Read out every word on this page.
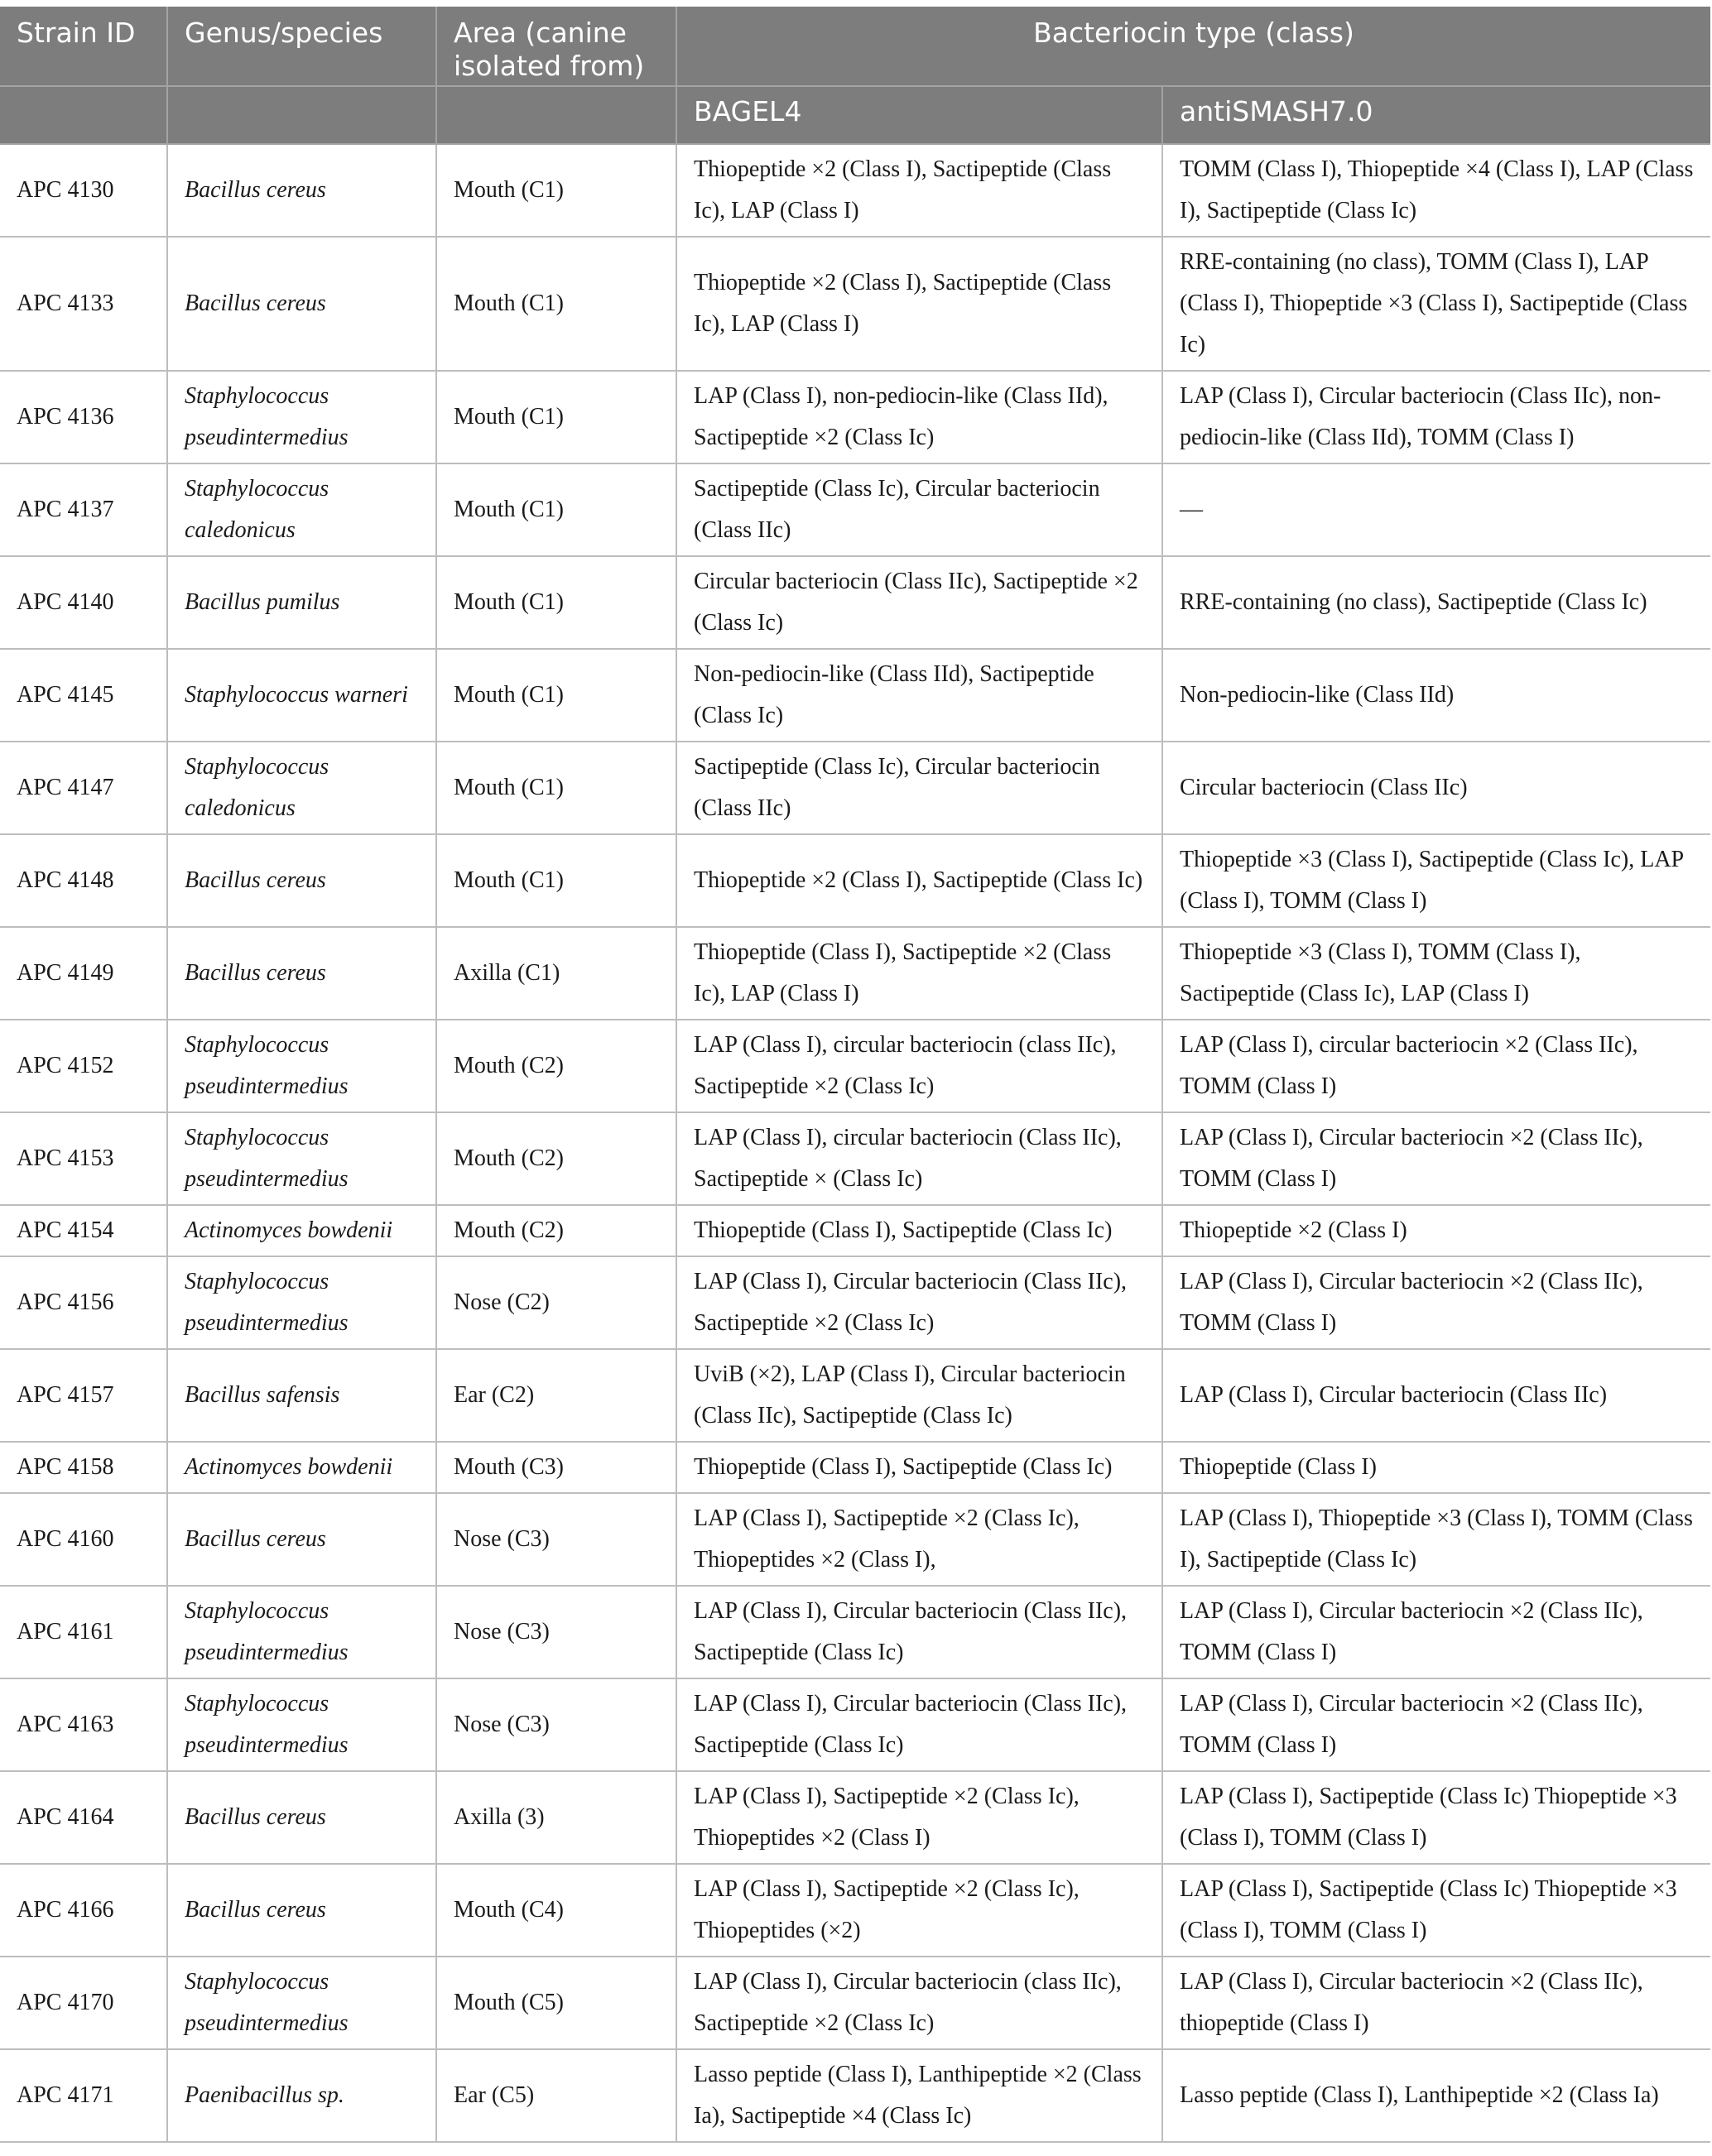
Strain ID	Genus/species	Area (canine isolated from)	Bacteriocin type (class)	
			BAGEL4	antiSMASH7.0
APC 4130	Bacillus cereus	Mouth (C1)	Thiopeptide ×2 (Class I), Sactipeptide (Class Ic), LAP (Class I)	TOMM (Class I), Thiopeptide ×4 (Class I), LAP (Class I), Sactipeptide (Class Ic)
APC 4133	Bacillus cereus	Mouth (C1)	Thiopeptide ×2 (Class I), Sactipeptide (Class Ic), LAP (Class I)	RRE-containing (no class), TOMM (Class I), LAP (Class I), Thiopeptide ×3 (Class I), Sactipeptide (Class Ic)
APC 4136	Staphylococcus pseudintermedius	Mouth (C1)	LAP (Class I), non-pediocin-like (Class IId), Sactipeptide ×2 (Class Ic)	LAP (Class I), Circular bacteriocin (Class IIc), non-pediocin-like (Class IId), TOMM (Class I)
APC 4137	Staphylococcus caledonicus	Mouth (C1)	Sactipeptide (Class Ic), Circular bacteriocin (Class IIc)	—
APC 4140	Bacillus pumilus	Mouth (C1)	Circular bacteriocin (Class IIc), Sactipeptide ×2 (Class Ic)	RRE-containing (no class), Sactipeptide (Class Ic)
APC 4145	Staphylococcus warneri	Mouth (C1)	Non-pediocin-like (Class IId), Sactipeptide (Class Ic)	Non-pediocin-like (Class IId)
APC 4147	Staphylococcus caledonicus	Mouth (C1)	Sactipeptide (Class Ic), Circular bacteriocin (Class IIc)	Circular bacteriocin (Class IIc)
APC 4148	Bacillus cereus	Mouth (C1)	Thiopeptide ×2 (Class I), Sactipeptide (Class Ic)	Thiopeptide ×3 (Class I), Sactipeptide (Class Ic), LAP (Class I), TOMM (Class I)
APC 4149	Bacillus cereus	Axilla (C1)	Thiopeptide (Class I), Sactipeptide ×2 (Class Ic), LAP (Class I)	Thiopeptide ×3 (Class I), TOMM (Class I), Sactipeptide (Class Ic), LAP (Class I)
APC 4152	Staphylococcus pseudintermedius	Mouth (C2)	LAP (Class I), circular bacteriocin (class IIc), Sactipeptide ×2 (Class Ic)	LAP (Class I), circular bacteriocin ×2 (Class IIc), TOMM (Class I)
APC 4153	Staphylococcus pseudintermedius	Mouth (C2)	LAP (Class I), circular bacteriocin (Class IIc), Sactipeptide × (Class Ic)	LAP (Class I), Circular bacteriocin ×2 (Class IIc), TOMM (Class I)
APC 4154	Actinomyces bowdenii	Mouth (C2)	Thiopeptide (Class I), Sactipeptide (Class Ic)	Thiopeptide ×2 (Class I)
APC 4156	Staphylococcus pseudintermedius	Nose (C2)	LAP (Class I), Circular bacteriocin (Class IIc), Sactipeptide ×2 (Class Ic)	LAP (Class I), Circular bacteriocin ×2 (Class IIc), TOMM (Class I)
APC 4157	Bacillus safensis	Ear (C2)	UviB (×2), LAP (Class I), Circular bacteriocin (Class IIc), Sactipeptide (Class Ic)	LAP (Class I), Circular bacteriocin (Class IIc)
APC 4158	Actinomyces bowdenii	Mouth (C3)	Thiopeptide (Class I), Sactipeptide (Class Ic)	Thiopeptide (Class I)
APC 4160	Bacillus cereus	Nose (C3)	LAP (Class I), Sactipeptide ×2 (Class Ic), Thiopeptides ×2 (Class I),	LAP (Class I), Thiopeptide ×3 (Class I), TOMM (Class I), Sactipeptide (Class Ic)
APC 4161	Staphylococcus pseudintermedius	Nose (C3)	LAP (Class I), Circular bacteriocin (Class IIc), Sactipeptide (Class Ic)	LAP (Class I), Circular bacteriocin ×2 (Class IIc), TOMM (Class I)
APC 4163	Staphylococcus pseudintermedius	Nose (C3)	LAP (Class I), Circular bacteriocin (Class IIc), Sactipeptide (Class Ic)	LAP (Class I), Circular bacteriocin ×2 (Class IIc), TOMM (Class I)
APC 4164	Bacillus cereus	Axilla (3)	LAP (Class I), Sactipeptide ×2 (Class Ic), Thiopeptides ×2 (Class I)	LAP (Class I), Sactipeptide (Class Ic) Thiopeptide ×3 (Class I), TOMM (Class I)
APC 4166	Bacillus cereus	Mouth (C4)	LAP (Class I), Sactipeptide ×2 (Class Ic), Thiopeptides (×2)	LAP (Class I), Sactipeptide (Class Ic) Thiopeptide ×3 (Class I), TOMM (Class I)
APC 4170	Staphylococcus pseudintermedius	Mouth (C5)	LAP (Class I), Circular bacteriocin (class IIc), Sactipeptide ×2 (Class Ic)	LAP (Class I), Circular bacteriocin ×2 (Class IIc), thiopeptide (Class I)
APC 4171	Paenibacillus sp.	Ear (C5)	Lasso peptide (Class I), Lanthipeptide ×2 (Class Ia), Sactipeptide ×4 (Class Ic)	Lasso peptide (Class I), Lanthipeptide ×2 (Class Ia)
